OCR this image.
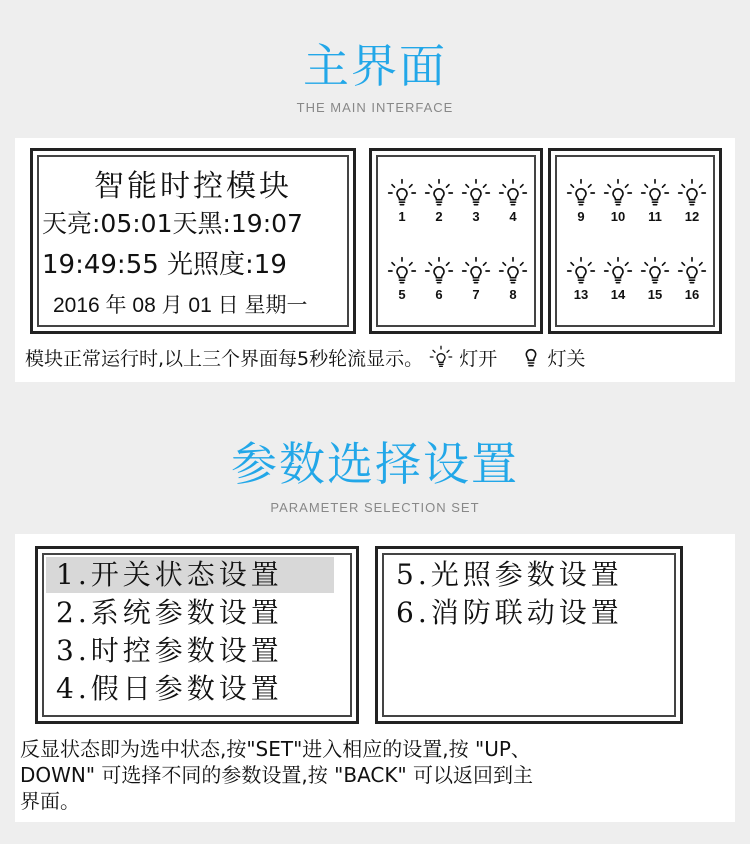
主界面
THE MAIN INTERFACE
智能时控模块
天亮:05:01天黑:19:07
19:49:55 光照度:19
2016 年 08 月 01 日 星期一
1	2	3	4
5	6	7	8
9	10	11	12
13	14	15	16
模块正常运行时,以上三个界面每5秒轮流显示。 灯开	灯关
参数选择设置
PARAMETER SELECTION SET
1.开关状态设置
2.系统参数设置
3.时控参数设置
4.假日参数设置
5.光照参数设置
6.消防联动设置
反显状态即为选中状态,按"SET"进入相应的设置,按 "UP、
DOWN" 可选择不同的参数设置,按 "BACK" 可以返回到主
界面。
